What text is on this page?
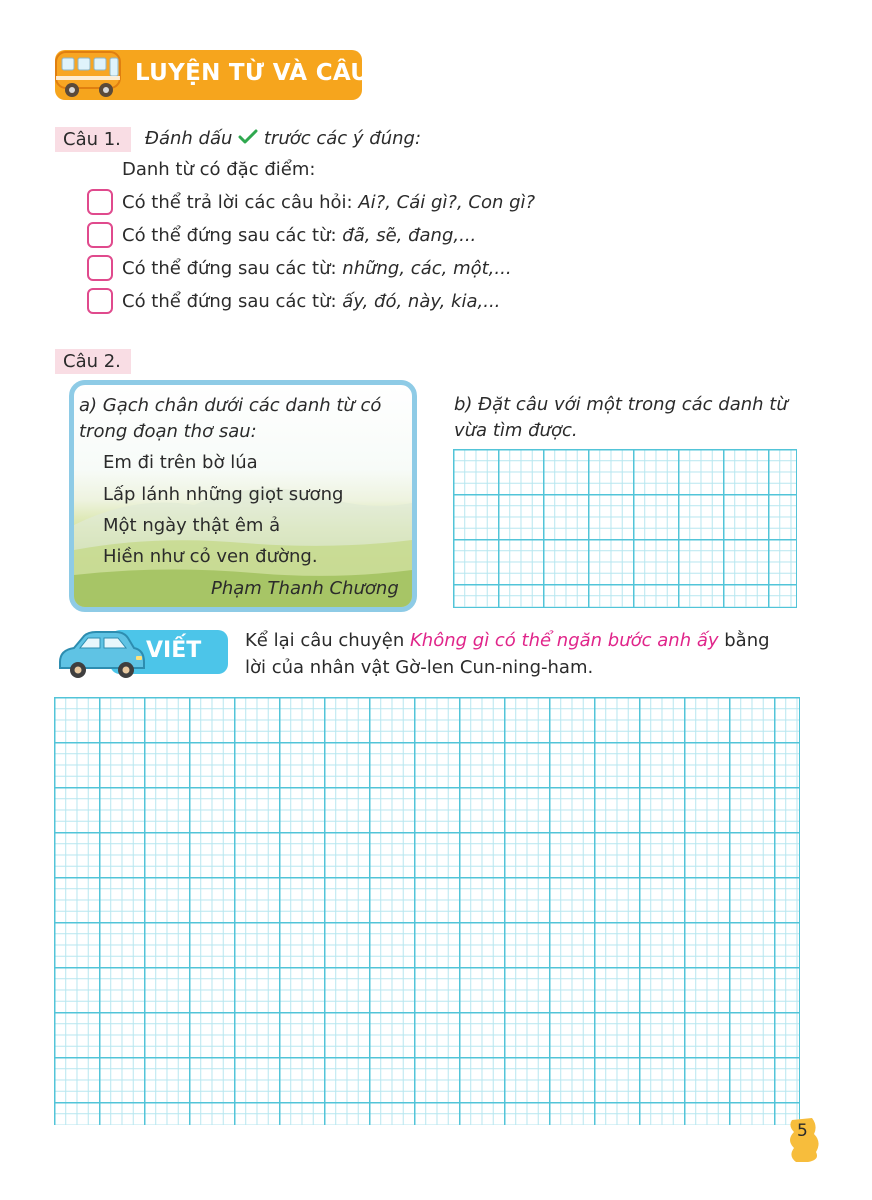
LUYỆN TỪ VÀ CÂU
Câu 1.	Đánh dấu trước các ý đúng:
Danh từ có đặc điểm:
Có thể trả lời các câu hỏi: Ai?, Cái gì?, Con gì?
Có thể đứng sau các từ: đã, sẽ, đang,...
Có thể đứng sau các từ: những, các, một,...
Có thể đứng sau các từ: ấy, đó, này, kia,...
Câu 2.
a) Gạch chân dưới các danh từ có
trong đoạn thơ sau:
Em đi trên bờ lúa
Lấp lánh những giọt sương
Một ngày thật êm ả
Hiền như cỏ ven đường.
Phạm Thanh Chương
b) Đặt câu với một trong các danh từ
vừa tìm được.
VIẾT Kể lại câu chuyện Không gì có thể ngăn bước anh ấy bằng
lời của nhân vật Gờ-len Cun-ning-ham.
5
